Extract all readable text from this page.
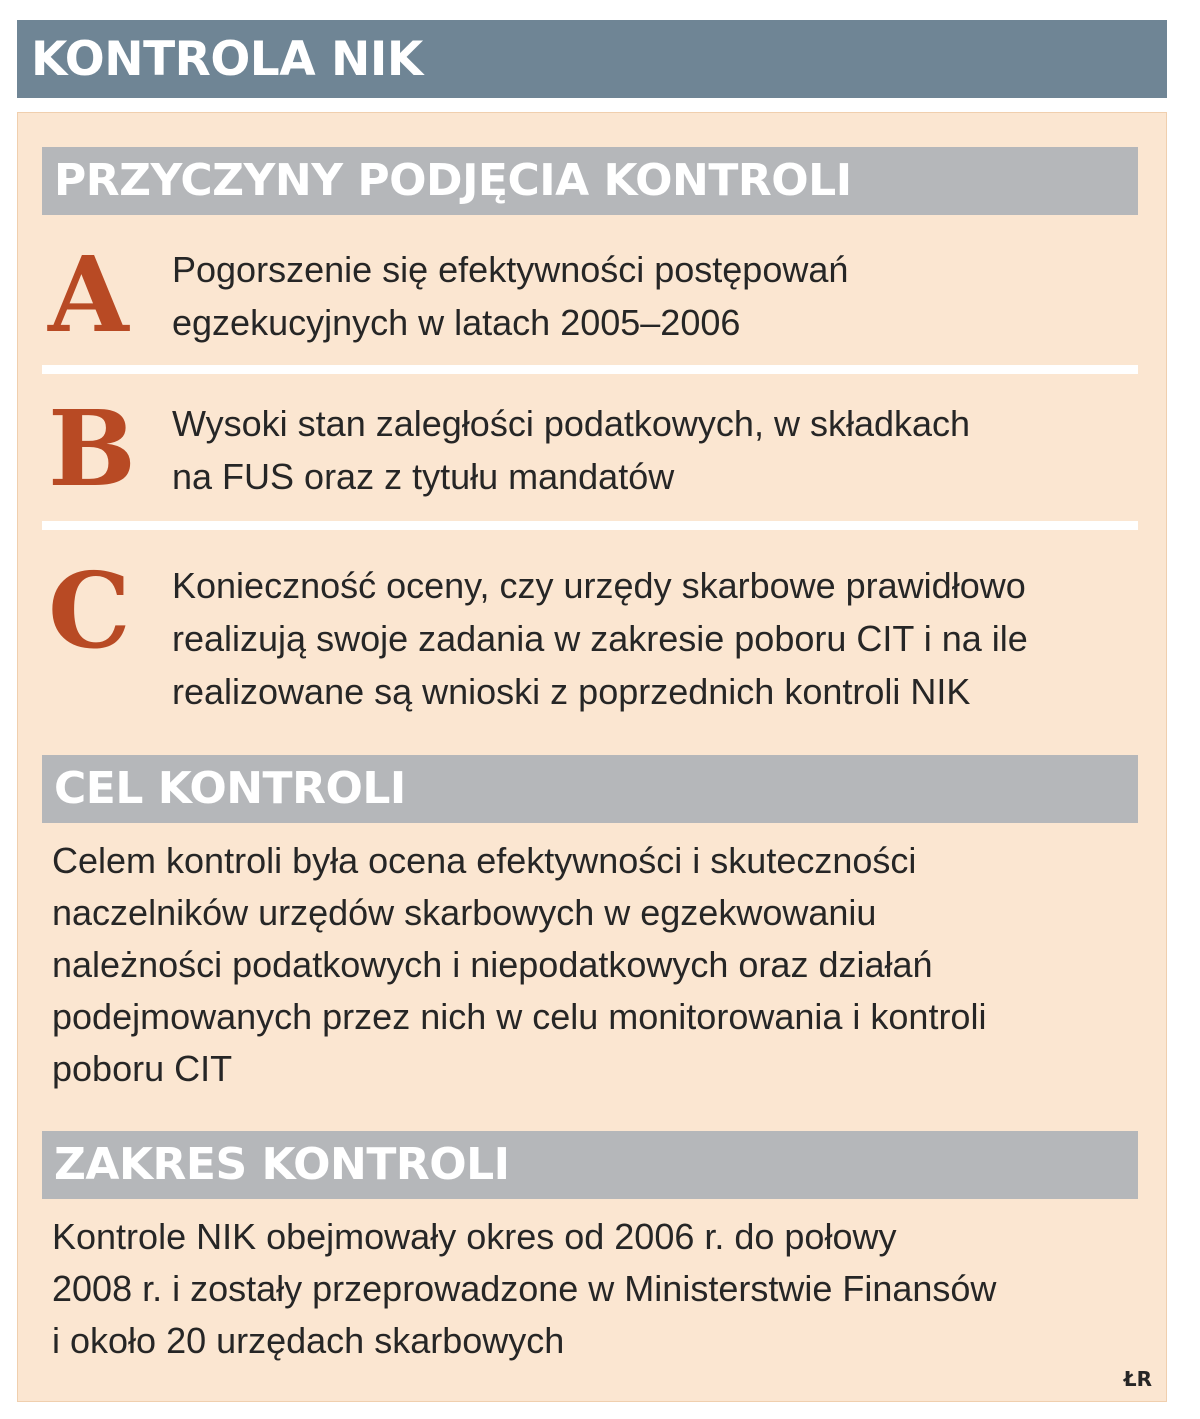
KONTROLA NIK
PRZYCZYNY PODJĘCIA KONTROLI
A Pogorszenie się efektywności postępowań
egzekucyjnych w latach 2005–2006
B Wysoki stan zaległości podatkowych, w składkach
na FUS oraz z tytułu mandatów
C Konieczność oceny, czy urzędy skarbowe prawidłowo
realizują swoje zadania w zakresie poboru CIT i na ile
realizowane są wnioski z poprzednich kontroli NIK
CEL KONTROLI
Celem kontroli była ocena efektywności i skuteczności
naczelników urzędów skarbowych w egzekwowaniu
należności podatkowych i niepodatkowych oraz działań
podejmowanych przez nich w celu monitorowania i kontroli
poboru CIT
ZAKRES KONTROLI
Kontrole NIK obejmowały okres od 2006 r. do połowy
2008 r. i zostały przeprowadzone w Ministerstwie Finansów
i około 20 urzędach skarbowych
ŁR
